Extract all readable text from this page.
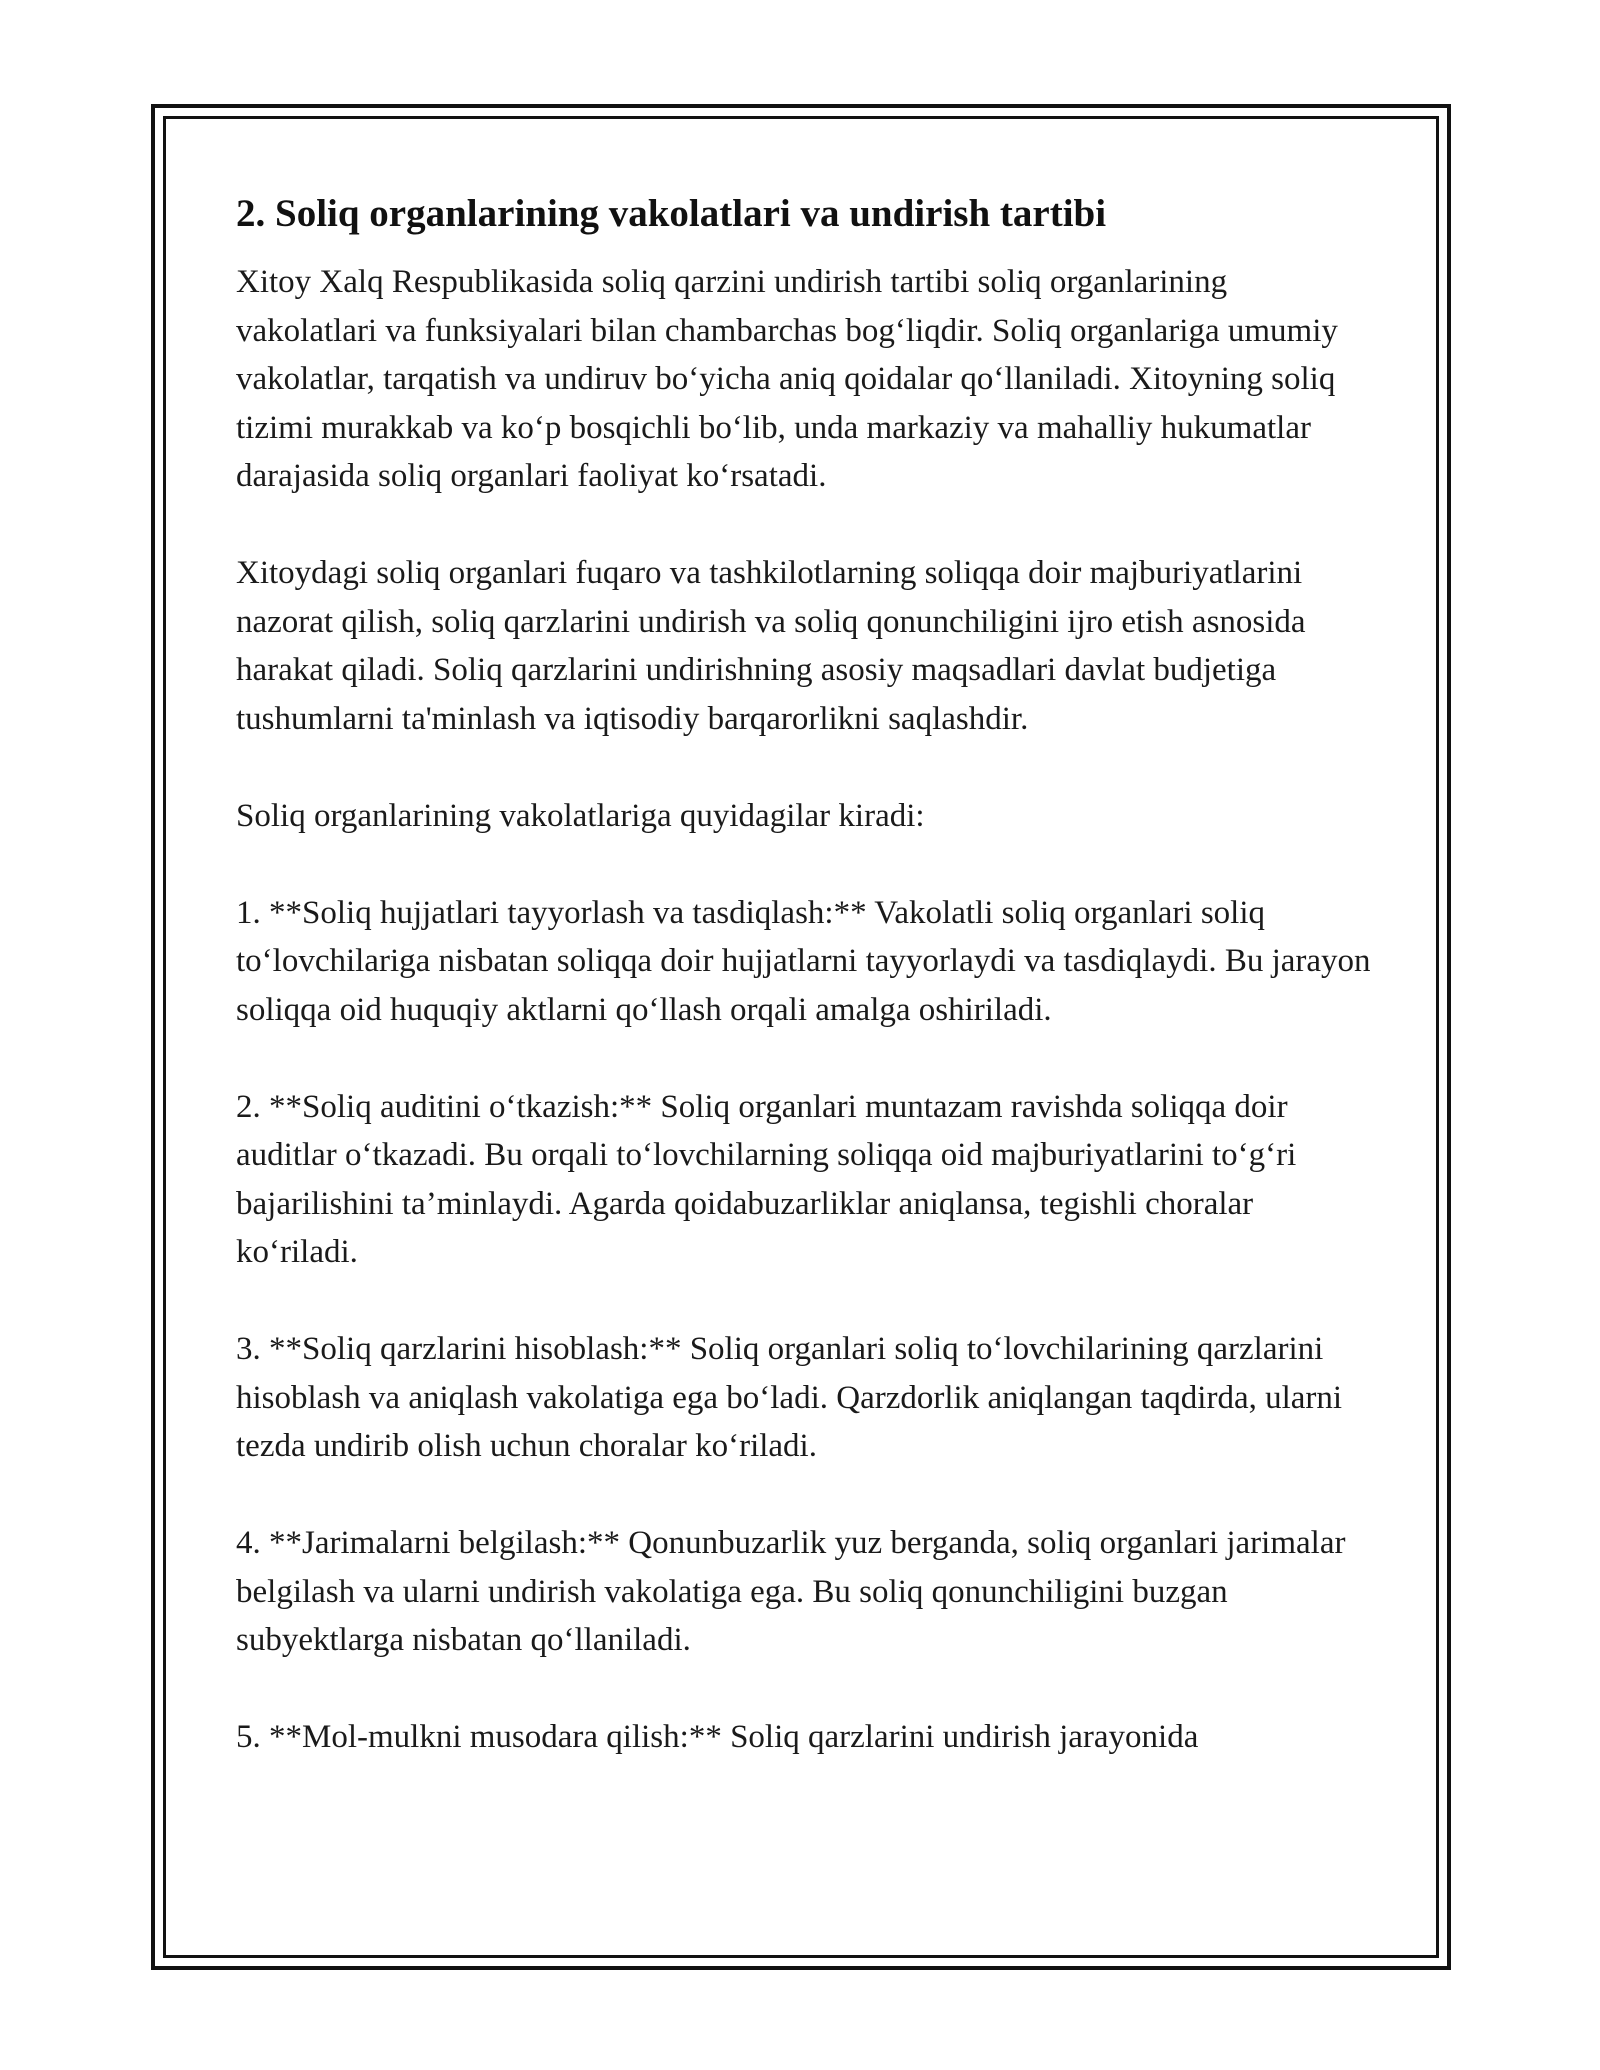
2. Soliq organlarining vakolatlari va undirish tartibi

Xitoy Xalq Respublikasida soliq qarzini undirish tartibi soliq organlarining vakolatlari va funksiyalari bilan chambarchas bog‘liqdir. Soliq organlariga umumiy vakolatlar, tarqatish va undiruv bo‘yicha aniq qoidalar qo‘llaniladi. Xitoyning soliq tizimi murakkab va ko‘p bosqichli bo‘lib, unda markaziy va mahalliy hukumatlar darajasida soliq organlari faoliyat ko‘rsatadi.

Xitoydagi soliq organlari fuqaro va tashkilotlarning soliqqa doir majburiyatlarini nazorat qilish, soliq qarzlarini undirish va soliq qonunchiligini ijro etish asnosida harakat qiladi. Soliq qarzlarini undirishning asosiy maqsadlari davlat budjetiga tushumlarni ta'minlash va iqtisodiy barqarorlikni saqlashdir.

Soliq organlarining vakolatlariga quyidagilar kiradi:

1. **Soliq hujjatlari tayyorlash va tasdiqlash:** Vakolatli soliq organlari soliq to‘lovchilariga nisbatan soliqqa doir hujjatlarni tayyorlaydi va tasdiqlaydi. Bu jarayon soliqqa oid huquqiy aktlarni qo‘llash orqali amalga oshiriladi.

2. **Soliq auditini o‘tkazish:** Soliq organlari muntazam ravishda soliqqa doir auditlar o‘tkazadi. Bu orqali to‘lovchilarning soliqqa oid majburiyatlarini to‘g‘ri bajarilishini ta’minlaydi. Agarda qoidabuzarliklar aniqlansa, tegishli choralar ko‘riladi.

3. **Soliq qarzlarini hisoblash:** Soliq organlari soliq to‘lovchilarining qarzlarini hisoblash va aniqlash vakolatiga ega bo‘ladi. Qarzdorlik aniqlangan taqdirda, ularni tezda undirib olish uchun choralar ko‘riladi.

4. **Jarimalarni belgilash:** Qonunbuzarlik yuz berganda, soliq organlari jarimalar belgilash va ularni undirish vakolatiga ega. Bu soliq qonunchiligini buzgan subyektlarga nisbatan qo‘llaniladi.

5. **Mol-mulkni musodara qilish:** Soliq qarzlarini undirish jarayonida
